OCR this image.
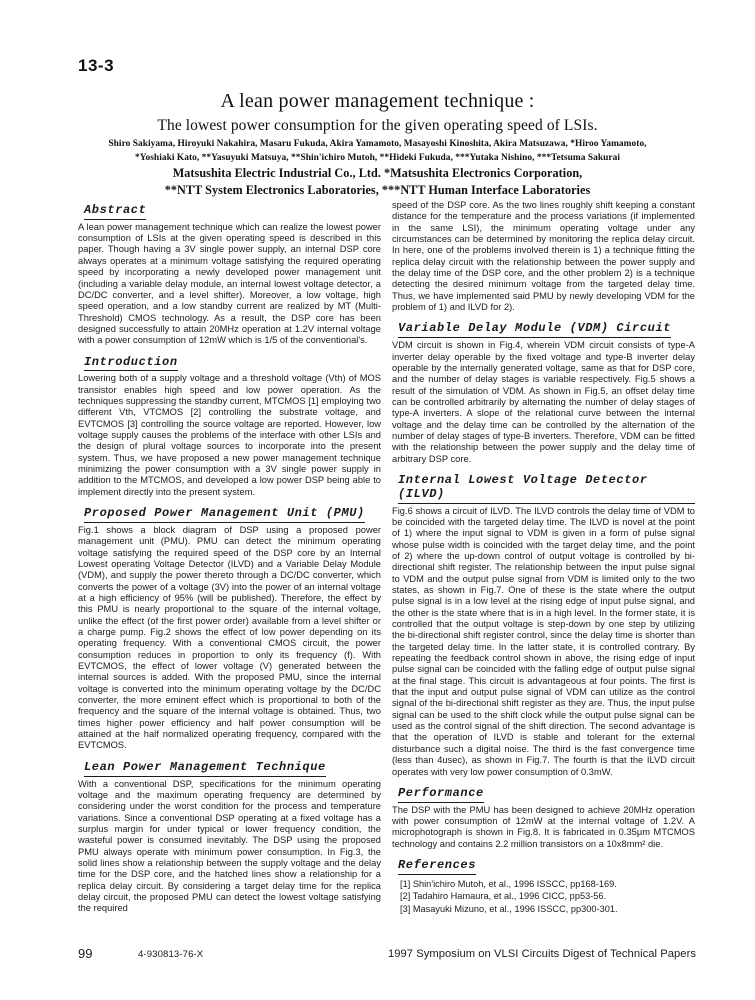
13-3
A lean power management technique :
The lowest power consumption for the given operating speed of LSIs.
Shiro Sakiyama, Hiroyuki Nakahira, Masaru Fukuda, Akira Yamamoto, Masayoshi Kinoshita, Akira Matsuzawa, *Hiroo Yamamoto,
*Yoshiaki Kato, **Yasuyuki Matsuya, **Shin'ichiro Mutoh, **Hideki Fukuda, ***Yutaka Nishino, ***Tetsuma Sakurai
Matsushita Electric Industrial Co., Ltd. *Matsushita Electronics Corporation,
**NTT System Electronics Laboratories, ***NTT Human Interface Laboratories
Abstract

A lean power management technique which can realize the lowest power consumption of LSIs at the given operating speed is described in this paper. Though having a 3V single power supply, an internal DSP core always operates at a minimum voltage satisfying the required operating speed by incorporating a newly developed power management unit (including a variable delay module, an internal lowest voltage detector, a DC/DC converter, and a level shifter). Moreover, a low voltage, high speed operation, and a low standby current are realized by MT (Multi-Threshold) CMOS technology. As a result, the DSP core has been designed successfully to attain 20MHz operation at 1.2V internal voltage with a power consumption of 12mW which is 1/5 of the conventional's.

Introduction

Lowering both of a supply voltage and a threshold voltage (Vth) of MOS transistor enables high speed and low power operation. As the techniques suppressing the standby current, MTCMOS [1] employing two different Vth, VTCMOS [2] controlling the substrate voltage, and EVTCMOS [3] controlling the source voltage are reported. However, low voltage supply causes the problems of the interface with other LSIs and the design of plural voltage sources to incorporate into the present system. Thus, we have proposed a new power management technique minimizing the power consumption with a 3V single power supply in addition to the MTCMOS, and developed a low power DSP being able to implement directly into the present system.

Proposed Power Management Unit (PMU)

Fig.1 shows a block diagram of DSP using a proposed power management unit (PMU). PMU can detect the minimum operating voltage satisfying the required speed of the DSP core by an Internal Lowest operating Voltage Detector (ILVD) and a Variable Delay Module (VDM), and supply the power thereto through a DC/DC converter, which converts the power of a voltage (3V) into the power of an internal voltage at a high efficiency of 95% (will be published). Therefore, the effect by this PMU is nearly proportional to the square of the internal voltage, unlike the effect (of the first power order) available from a level shifter or a charge pump. Fig.2 shows the effect of low power depending on its operating frequency. With a conventional CMOS circuit, the power consumption reduces in proportion to only its frequency (f). With EVTCMOS, the effect of lower voltage (V) generated between the internal sources is added. With the proposed PMU, since the internal voltage is converted into the minimum operating voltage by the DC/DC converter, the more eminent effect which is proportional to both of the frequency and the square of the internal voltage is obtained. Thus, two times higher power efficiency and half power consumption will be attained at the half normalized operating frequency, compared with the EVTCMOS.

Lean Power Management Technique

With a conventional DSP, specifications for the minimum operating voltage and the maximum operating frequency are determined by considering under the worst condition for the process and temperature variations. Since a conventional DSP operating at a fixed voltage has a surplus margin for under typical or lower frequency condition, the wasteful power is consumed inevitably. The DSP using the proposed PMU always operate with minimum power consumption. In Fig.3, the solid lines show a relationship between the supply voltage and the delay time for the DSP core, and the hatched lines show a relationship for a replica delay circuit. By considering a target delay time for the replica delay circuit, the proposed PMU can detect the lowest voltage satisfying the required

speed of the DSP core. As the two lines roughly shift keeping a constant distance for the temperature and the process variations (if implemented in the same LSI), the minimum operating voltage under any circumstances can be determined by monitoring the replica delay circuit. In here, one of the problems involved therein is 1) a technique fitting the replica delay circuit with the relationship between the power supply and the delay time of the DSP core, and the other problem 2) is a technique detecting the desired minimum voltage from the targeted delay time. Thus, we have implemented said PMU by newly developing VDM for the problem of 1) and ILVD for 2).

Variable Delay Module (VDM) Circuit

VDM circuit is shown in Fig.4, wherein VDM circuit consists of type-A inverter delay operable by the fixed voltage and type-B inverter delay operable by the internally generated voltage, same as that for DSP core, and the number of delay stages is variable respectively. Fig.5 shows a result of the simulation of VDM. As shown in Fig.5, an offset delay time can be controlled arbitrarily by alternating the number of delay stages of type-A inverters. A slope of the relational curve between the internal voltage and the delay time can be controlled by the alternation of the number of delay stages of type-B inverters. Therefore, VDM can be fitted with the relationship between the power supply and the delay time of arbitrary DSP core.

Internal Lowest Voltage Detector (ILVD)

Fig.6 shows a circuit of ILVD. The ILVD controls the delay time of VDM to be coincided with the targeted delay time. The ILVD is novel at the point of 1) where the input signal to VDM is given in a form of pulse signal whose pulse width is coincided with the target delay time, and the point of 2) where the up-down control of output voltage is controlled by bi-directional shift register. The relationship between the input pulse signal to VDM and the output pulse signal from VDM is limited only to the two states, as shown in Fig.7. One of these is the state where the output pulse signal is in a low level at the rising edge of input pulse signal, and the other is the state where that is in a high level. In the former state, it is controlled that the output voltage is step-down by one step by utilizing the bi-directional shift register control, since the delay time is shorter than the targeted delay time. In the latter state, it is controlled contrary. By repeating the feedback control shown in above, the rising edge of input pulse signal can be coincided with the falling edge of output pulse signal at the final stage. This circuit is advantageous at four points. The first is that the input and output pulse signal of VDM can utilize as the control signal of the bi-directional shift register as they are. Thus, the input pulse signal can be used to the shift clock while the output pulse signal can be used as the control signal of the shift direction. The second advantage is that the operation of ILVD is stable and tolerant for the external disturbance such a digital noise. The third is the fast convergence time (less than 4usec), as shown in Fig.7. The fourth is that the ILVD circuit operates with very low power consumption of 0.3mW.

Performance

The DSP with the PMU has been designed to achieve 20MHz operation with power consumption of 12mW at the internal voltage of 1.2V. A microphotograph is shown in Fig.8. It is fabricated in 0.35μm MTCMOS technology and contains 2.2 million transistors on a 10x8mm² die.

References
[1] Shin'ichiro Mutoh, et al., 1996 ISSCC, pp168-169.
[2] Tadahiro Hamaura, et al., 1996 CICC, pp53-56.
[3] Masayuki Mizuno, et al., 1996 ISSCC, pp300-301.
99	4-930813-76-X	1997 Symposium on VLSI Circuits Digest of Technical Papers
